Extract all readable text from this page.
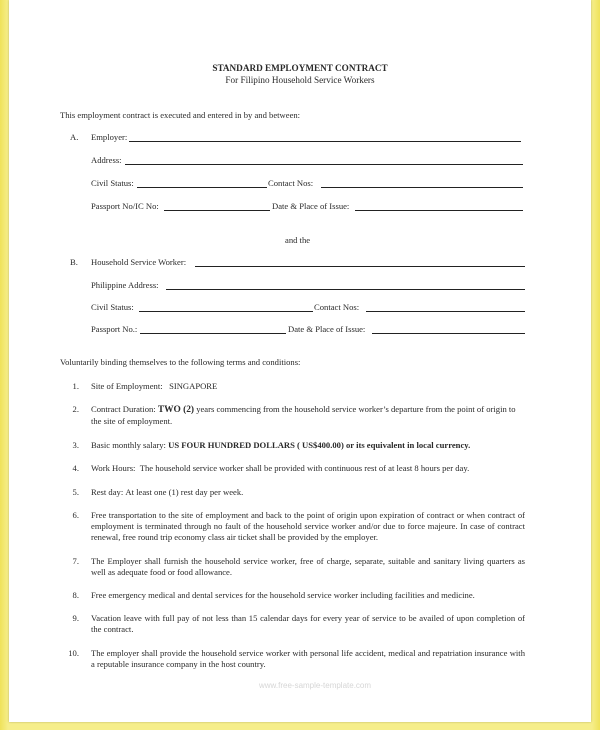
STANDARD EMPLOYMENT CONTRACT
For Filipino Household Service Workers
This employment contract is executed and entered in by and between:
A. Employer:
Address:
Civil Status:	Contact Nos:
Passport No/IC No:	Date & Place of Issue:
and the
B. Household Service Worker:
Philippine Address:
Civil Status:	Contact Nos:
Passport No.:	Date & Place of Issue:
Voluntarily binding themselves to the following terms and conditions:
1. Site of Employment: SINGAPORE
2. Contract Duration: TWO (2) years commencing from the household service worker’s departure from the point of origin to the site of employment.
3. Basic monthly salary: US FOUR HUNDRED DOLLARS ( US$400.00) or its equivalent in local currency.
4. Work Hours: The household service worker shall be provided with continuous rest of at least 8 hours per day.
5. Rest day: At least one (1) rest day per week.
6. Free transportation to the site of employment and back to the point of origin upon expiration of contract or when contract of employment is terminated through no fault of the household service worker and/or due to force majeure. In case of contract renewal, free round trip economy class air ticket shall be provided by the employer.
7. The Employer shall furnish the household service worker, free of charge, separate, suitable and sanitary living quarters as well as adequate food or food allowance.
8. Free emergency medical and dental services for the household service worker including facilities and medicine.
9. Vacation leave with full pay of not less than 15 calendar days for every year of service to be availed of upon completion of the contract.
10. The employer shall provide the household service worker with personal life accident, medical and repatriation insurance with a reputable insurance company in the host country.
www.free-sample-template.com
